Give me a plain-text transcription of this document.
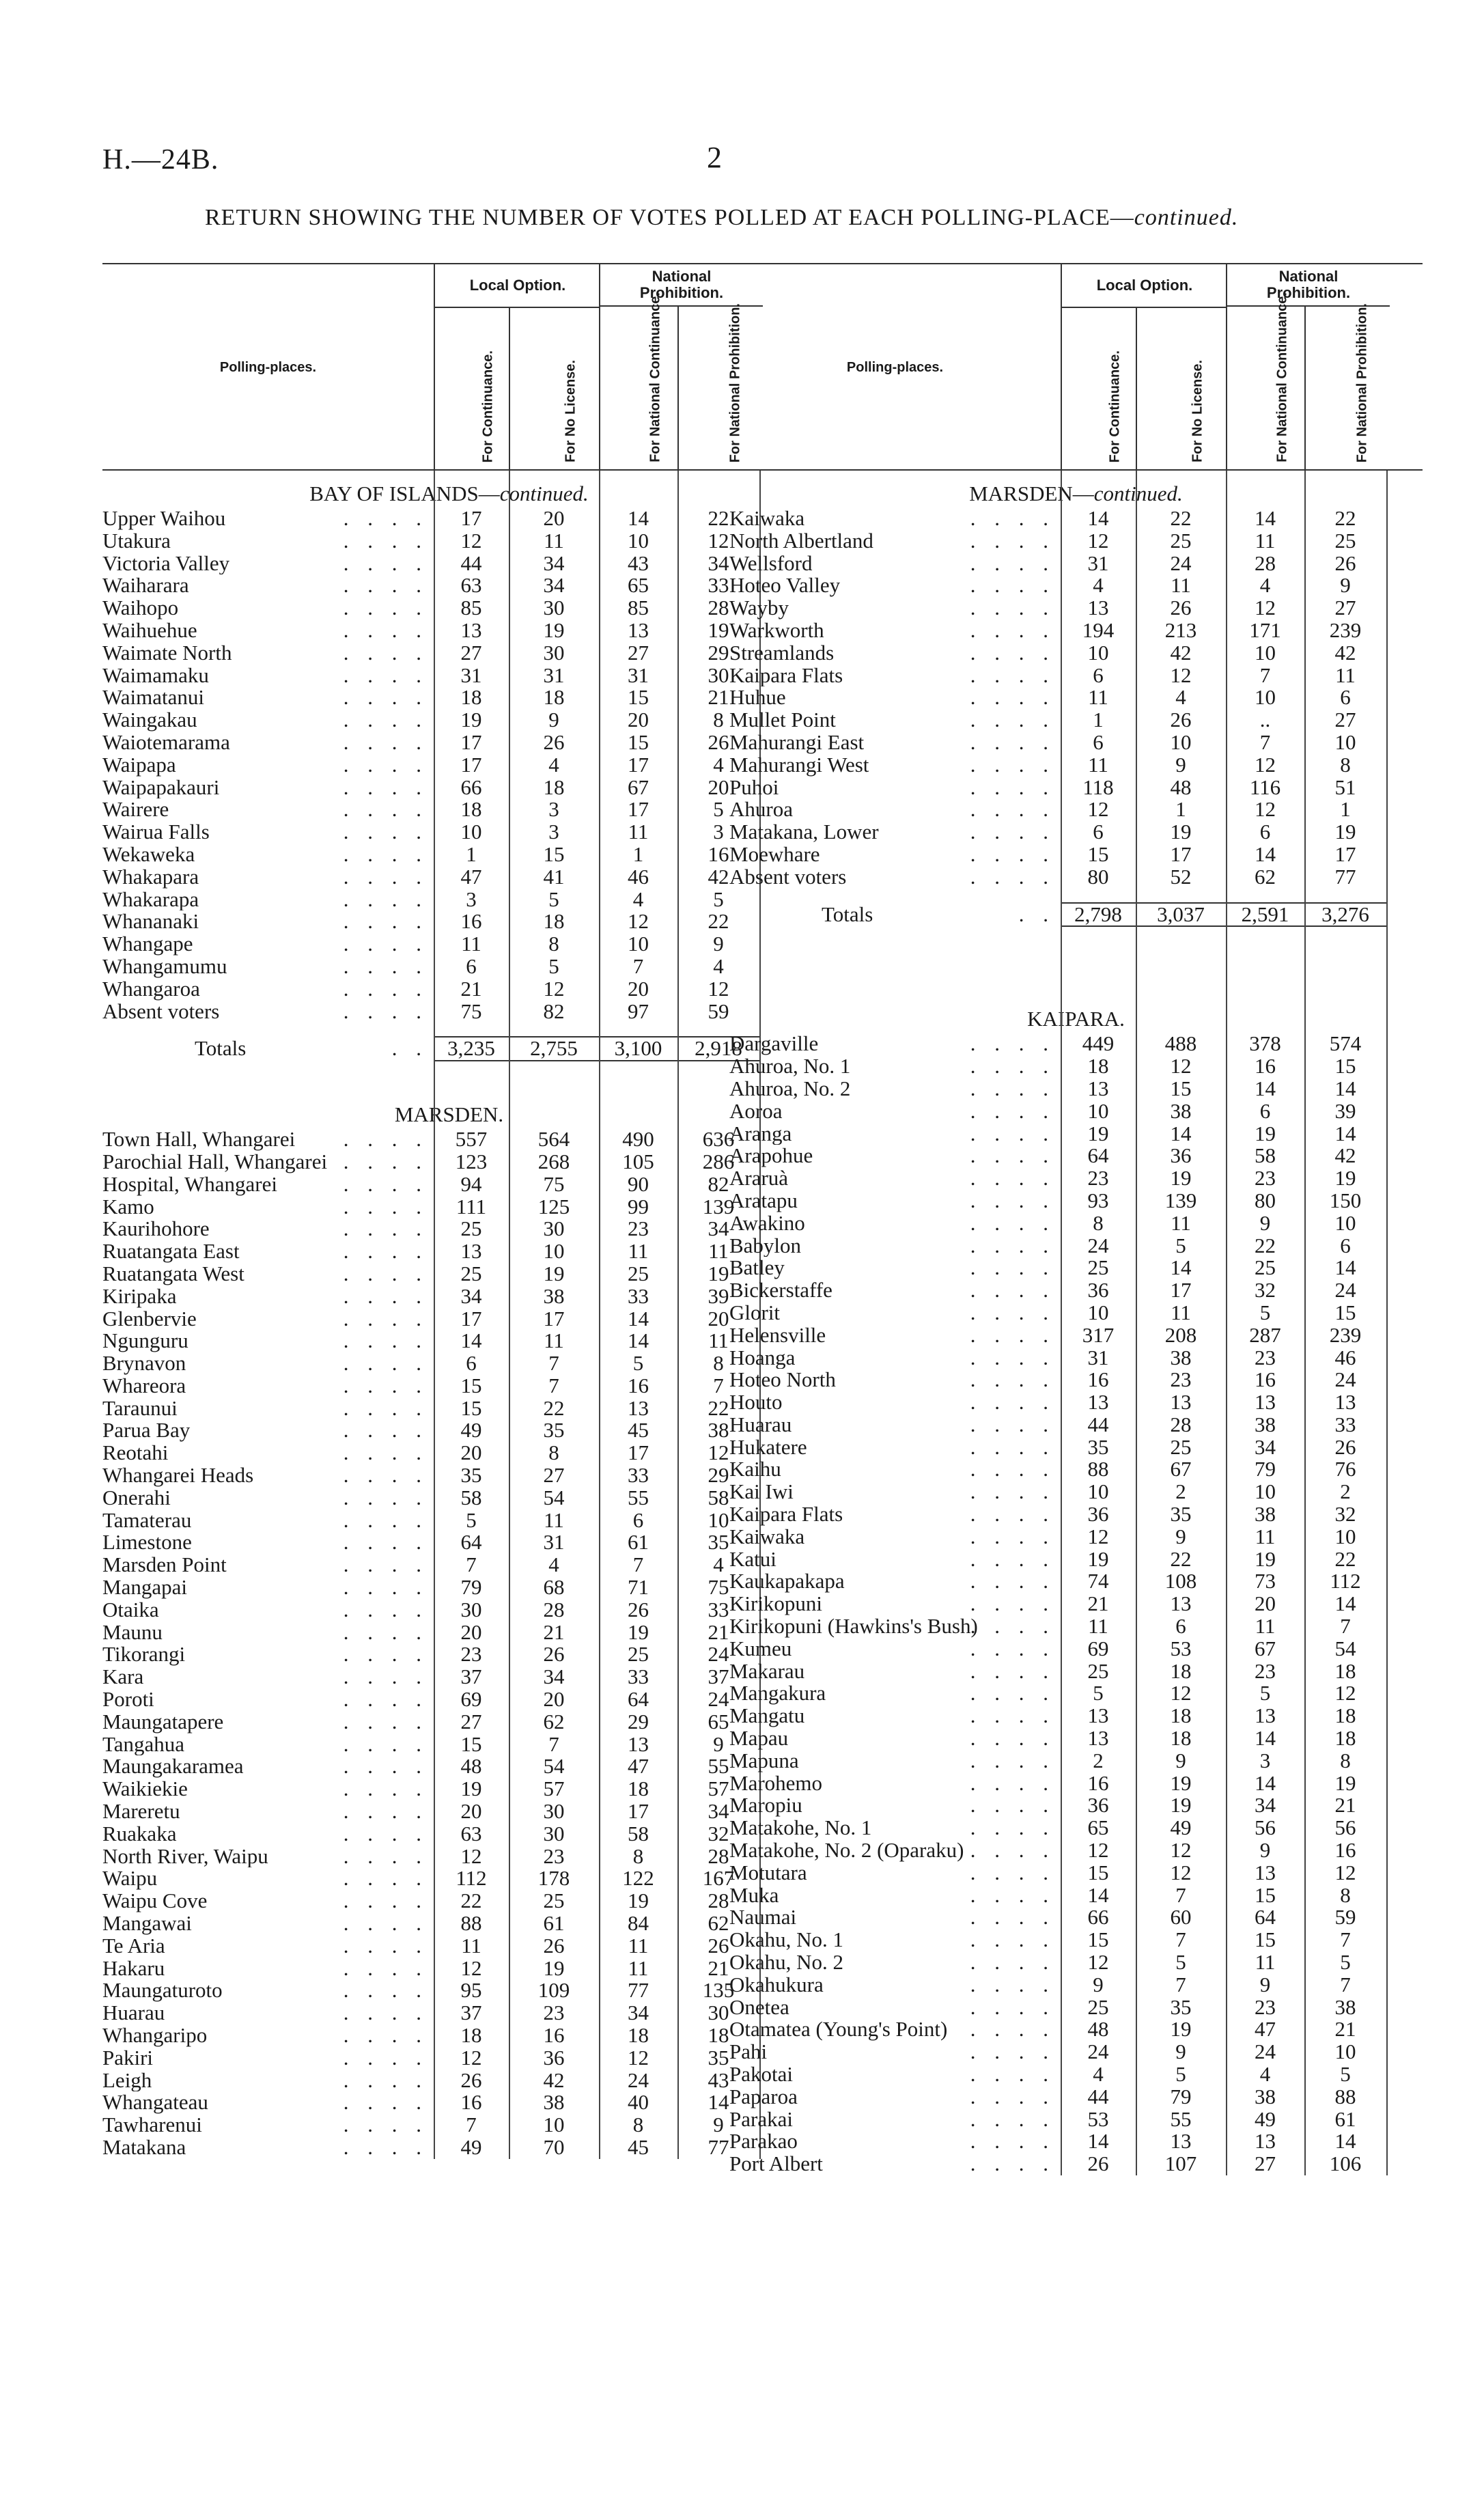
H.—24B.	2
RETURN SHOWING THE NUMBER OF VOTES POLLED AT EACH POLLING-PLACE—continued.
Polling-places.
Local Option.
National Prohibition.
For Continuance.	For No License.	For National Continuance.	For National Prohibition.
BAY OF ISLANDS—continued.
Upper Waihou	. . . .	17	20	14	22
Utakura	. . . .	12	11	10	12
Victoria Valley	. . . .	44	34	43	34
Waiharara	. . . .	63	34	65	33
Waihopo	. . . .	85	30	85	28
Waihuehue	. . . .	13	19	13	19
Waimate North	. . . .	27	30	27	29
Waimamaku	. . . .	31	31	31	30
Waimatanui	. . . .	18	18	15	21
Waingakau	. . . .	19	9	20	8
Waiotemarama	. . . .	17	26	15	26
Waipapa	. . . .	17	4	17	4
Waipapakauri	. . . .	66	18	67	20
Wairere	. . . .	18	3	17	5
Wairua Falls	. . . .	10	3	11	3
Wekaweka	. . . .	1	15	1	16
Whakapara	. . . .	47	41	46	42
Whakarapa	. . . .	3	5	4	5
Whananaki	. . . .	16	18	12	22
Whangape	. . . .	11	8	10	9
Whangamumu	. . . .	6	5	7	4
Whangaroa	. . . .	21	12	20	12
Absent voters	. . . .	75	82	97	59
Totals	. . 3,235	2,755	3,100	2,918
MARSDEN.
Town Hall, Whangarei . . . .	557	564	490	636
Parochial Hall, Whangarei . . . .	123	268	105	286
Hospital, Whangarei	. . . .	94	75	90	82
Kamo	. . . .	111	125	99	139
Kaurihohore	. . . .	25	30	23	34
Ruatangata East	. . . .	13	10	11	11
Ruatangata West	. . . .	25	19	25	19
Kiripaka	. . . .	34	38	33	39
Glenbervie	. . . .	17	17	14	20
Ngunguru	. . . .	14	11	14	11
Brynavon	. . . .	6	7	5	8
Whareora	. . . .	15	7	16	7
Taraunui	. . . .	15	22	13	22
Parua Bay	. . . .	49	35	45	38
Reotahi	. . . .	20	8	17	12
Whangarei Heads	. . . .	35	27	33	29
Onerahi	. . . .	58	54	55	58
Tamaterau	. . . .	5	11	6	10
Limestone	. . . .	64	31	61	35
Marsden Point	. . . .	7	4	7	4
Mangapai	. . . .	79	68	71	75
Otaika	. . . .	30	28	26	33
Maunu	. . . .	20	21	19	21
Tikorangi	. . . .	23	26	25	24
Kara	. . . .	37	34	33	37
Poroti	. . . .	69	20	64	24
Maungatapere	. . . .	27	62	29	65
Tangahua	. . . .	15	7	13	9
Maungakaramea	. . . .	48	54	47	55
Waikiekie	. . . .	19	57	18	57
Mareretu	. . . .	20	30	17	34
Ruakaka	. . . .	63	30	58	32
North River, Waipu	. . . .	12	23	8	28
Waipu	. . . .	112	178	122	167
Waipu Cove	. . . .	22	25	19	28
Mangawai	. . . .	88	61	84	62
Te Aria	. . . .	11	26	11	26
Hakaru	. . . .	12	19	11	21
Maungaturoto	. . . .	95	109	77	135
Huarau	. . . .	37	23	34	30
Whangaripo	. . . .	18	16	18	18
Pakiri	. . . .	12	36	12	35
Leigh	. . . .	26	42	24	43
Whangateau	. . . .	16	38	40	14
Tawharenui	. . . .	7	10	8	9
Matakana	. . . .	49	70	45	77
Polling-places.
Local Option.
National Prohibition.
For Continuance.	For No License.	For National Continuance.	For National Prohibition.
MARSDEN—continued.
Kaiwaka	. . . .	14	22	14	22
North Albertland	. . . .	12	25	11	25
Wellsford	. . . .	31	24	28	26
Hoteo Valley	. . . .	4	11	4	9
Wayby	. . . .	13	26	12	27
Warkworth	. . . .	194	213	171	239
Streamlands	. . . .	10	42	10	42
Kaipara Flats	. . . .	6	12	7	11
Huhue	. . . .	11	4	10	6
Mullet Point	. . . .	1	26	..	27
Mahurangi East	. . . .	6	10	7	10
Mahurangi West	. . . .	11	9	12	8
Puhoi	. . . .	118	48	116	51
Ahuroa	. . . .	12	1	12	1
Matakana, Lower	. . . .	6	19	6	19
Moewhare	. . . .	15	17	14	17
Absent voters	. . . .	80	52	62	77
Totals	. . 2,798	3,037	2,591	3,276
KAIPARA.
Dargaville	. . . .	449	488	378	574
Ahuroa, No. 1	. . . .	18	12	16	15
Ahuroa, No. 2	. . . .	13	15	14	14
Aoroa	. . . .	10	38	6	39
Aranga	. . . .	19	14	19	14
Arapohue	. . . .	64	36	58	42
Araruà	. . . .	23	19	23	19
Aratapu	. . . .	93	139	80	150
Awakino	. . . .	8	11	9	10
Babylon	. . . .	24	5	22	6
Batley	. . . .	25	14	25	14
Bickerstaffe	. . . .	36	17	32	24
Glorit	. . . .	10	11	5	15
Helensville	. . . .	317	208	287	239
Hoanga	. . . .	31	38	23	46
Hoteo North	. . . .	16	23	16	24
Houto	. . . .	13	13	13	13
Huarau	. . . .	44	28	38	33
Hukatere	. . . .	35	25	34	26
Kaihu	. . . .	88	67	79	76
Kai Iwi	. . . .	10	2	10	2
Kaipara Flats	. . . .	36	35	38	32
Kaiwaka	. . . .	12	9	11	10
Katui	. . . .	19	22	19	22
Kaukapakapa	. . . .	74	108	73	112
Kirikopuni	. . . .	21	13	20	14
Kirikopuni (Hawkins's Bush)
. . . .	11	6	11	7
Kumeu	. . . .	69	53	67	54
Makarau	. . . .	25	18	23	18
Mangakura	. . . .	5	12	5	12
Mangatu	. . . .	13	18	13	18
Mapau	. . . .	13	18	14	18
Mapuna	. . . .	2	9	3	8
Marohemo	. . . .	16	19	14	19
Maropiu	. . . .	36	19	34	21
Matakohe, No. 1	. . . .	65	49	56	56
Matakohe, No. 2 (Oparaku) . . . .	12	12	9	16
Motutara	. . . .	15	12	13	12
Muka	. . . .	14	7	15	8
Naumai	. . . .	66	60	64	59
Okahu, No. 1	. . . .	15	7	15	7
Okahu, No. 2	. . . .	12	5	11	5
Okahukura	. . . .	9	7	9	7
Onetea	. . . .	25	35	23	38
Otamatea (Young's Point) . . . .	48	19	47	21
Pahi	. . . .	24	9	24	10
Pakotai	. . . .	4	5	4	5
Paparoa	. . . .	44	79	38	88
Parakai	. . . .	53	55	49	61
Parakao	. . . .	14	13	13	14
Port Albert	. . . .	26	107	27	106
